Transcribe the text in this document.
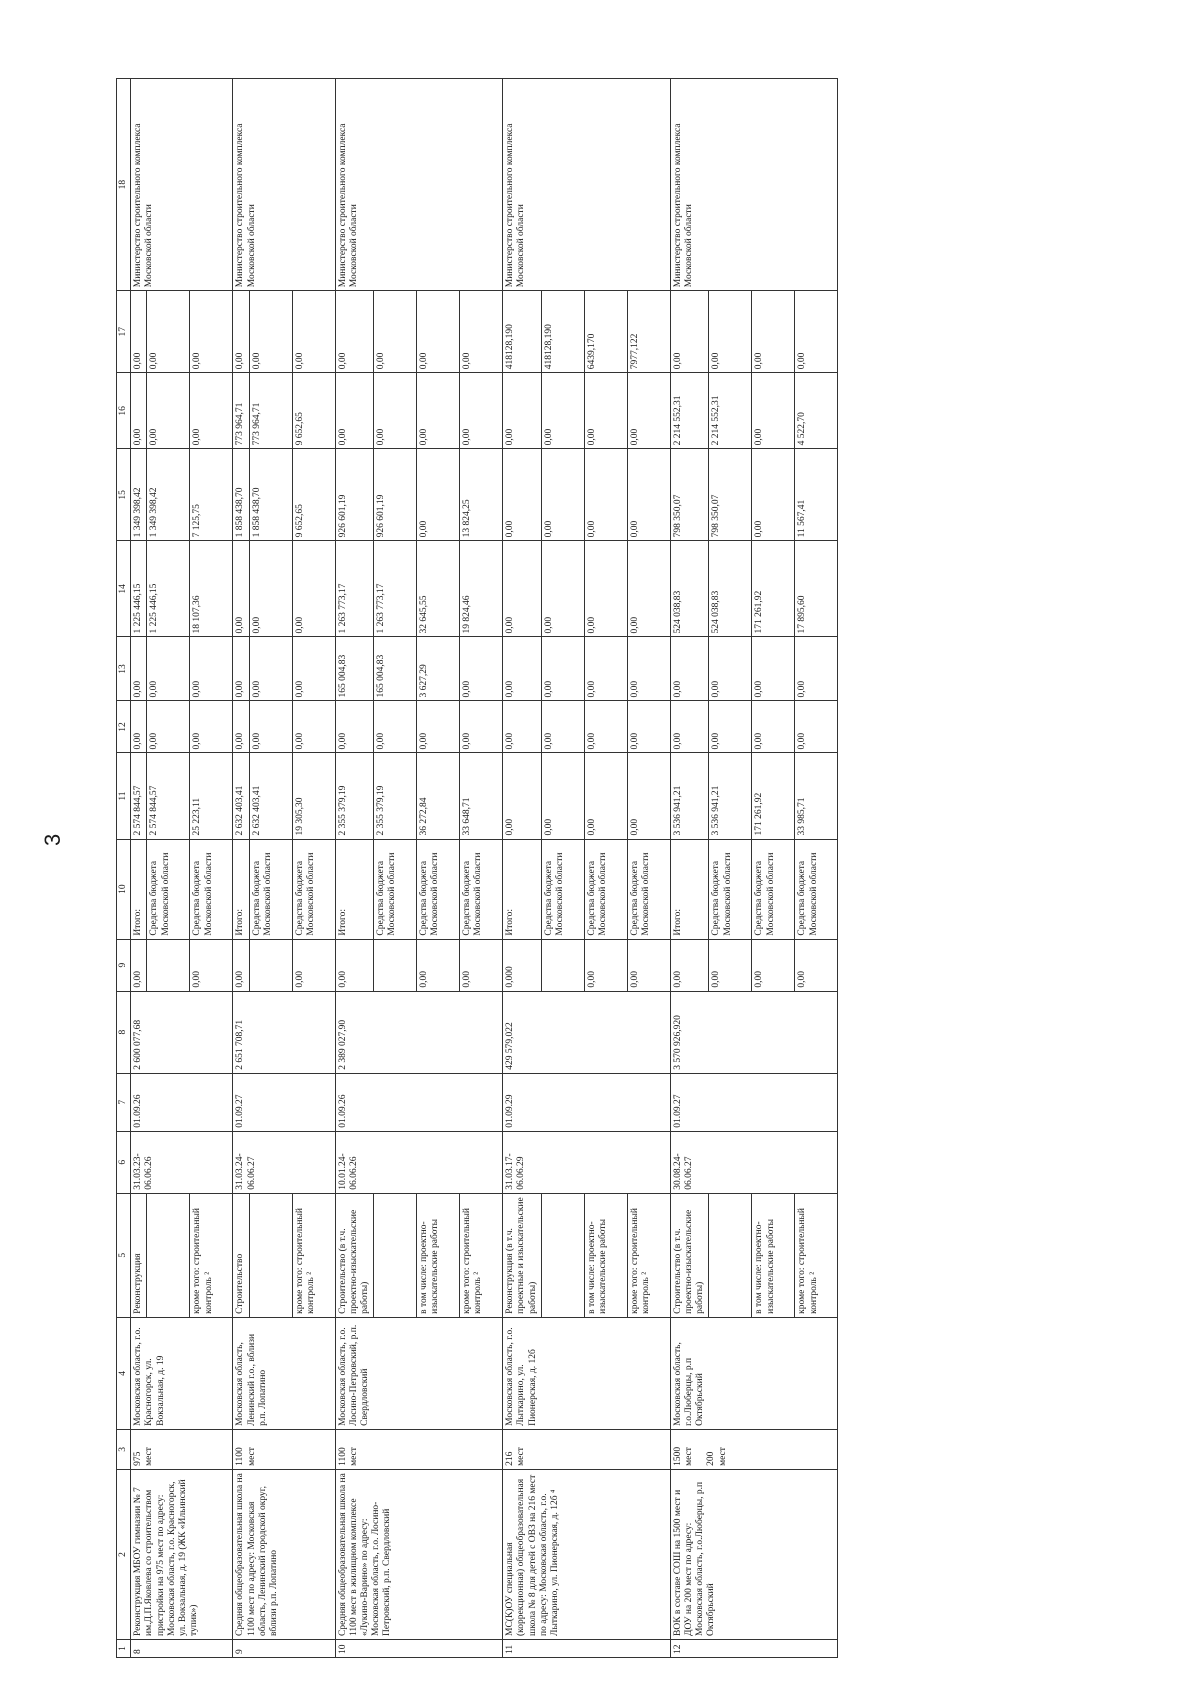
3
1	2	3	4	5	6	7	8	9	10	11	12	13	14	15	16	17	18
8	Реконструкция МБОУ гимназии № 7 им.Д.П.Яковлева со строительством пристройки на 975 мест по адресу: Московская область, г.о. Красногорск, ул. Вокзальная, д. 19 (ЖК «Ильинский тупик»)	975 мест	Московская область, г.о. Красногорск, ул. Вокзальная, д. 19	Реконструкция	31.03.23-06.06.26	01.09.26	2 600 077,68	0,00	Итого:	2 574 844,57	0,00	0,00	1 225 446,15	1 349 398,42	0,00	0,00	Министерство строительного комплекса Московской области
									Средства бюджета Московской области	2 574 844,57	0,00	0,00	1 225 446,15	1 349 398,42	0,00	0,00	
				кроме того: строительный контроль ²				0,00	Средства бюджета Московской области	25 223,11	0,00	0,00	18 107,36	7 125,75	0,00	0,00	
9	Средняя общеобразовательная школа на 1100 мест по адресу: Московская область, Ленинский городской округ, вблизи р.п. Лопатино	1100 мест	Московская область, Ленинский г.о., вблизи р.п. Лопатино	Строительство	31.03.24-06.06.27	01.09.27	2 651 708,71	0,00	Итого:	2 632 403,41	0,00	0,00	0,00	1 858 438,70	773 964,71	0,00	Министерство строительного комплекса Московской области
									Средства бюджета Московской области	2 632 403,41	0,00	0,00	0,00	1 858 438,70	773 964,71	0,00	
				кроме того: строительный контроль ²				0,00	Средства бюджета Московской области	19 305,30	0,00	0,00	0,00	9 652,65	9 652,65	0,00	
10	Средняя общеобразовательная школа на 1100 мест в жилищном комплексе «Лукино-Варино» по адресу: Московская область, г.о. Лосино-Петровский, р.п. Свердловский	1100 мест	Московская область, г.о. Лосино-Петровский, р.п. Свердловский	Строительство (в т.ч. проектно-изыскательские работы)	10.01.24-06.06.26	01.09.26	2 389 027,90	0,00	Итого:	2 355 379,19	0,00	165 004,83	1 263 773,17	926 601,19	0,00	0,00	Министерство строительного комплекса Московской области
									Средства бюджета Московской области	2 355 379,19	0,00	165 004,83	1 263 773,17	926 601,19	0,00	0,00	
				в том числе: проектно-изыскательские работы				0,00	Средства бюджета Московской области	36 272,84	0,00	3 627,29	32 645,55	0,00	0,00	0,00	
				кроме того: строительный контроль ²				0,00	Средства бюджета Московской области	33 648,71	0,00	0,00	19 824,46	13 824,25	0,00	0,00	
11	МС(К)ОУ специальная (коррекционная) общеобразовательная школа № 8 для детей с ОВЗ на 216 мест по адресу: Московская область, г.о. Лыткарино, ул. Пионерская, д. 12б ⁴	216 мест	Московская область, г.о. Лыткарино, ул. Пионерская, д. 12б	Реконструкция (в т.ч. проектные и изыскательские работы)	31.03.17-06.06.29	01.09.29	429 579,022	0,000	Итого:	0,00	0,00	0,00	0,00	0,00	0,00	418128,190	Министерство строительного комплекса Московской области
									Средства бюджета Московской области	0,00	0,00	0,00	0,00	0,00	0,00	418128,190	
				в том числе: проектно-изыскательские работы				0,00	Средства бюджета Московской области	0,00	0,00	0,00	0,00	0,00	0,00	6439,170	
				кроме того: строительный контроль ²				0,00	Средства бюджета Московской области	0,00	0,00	0,00	0,00	0,00	0,00	7977,122	
12	ВОК в составе СОШ на 1500 мест и ДОУ на 200 мест по адресу: Московская область, г.о.Люберцы, р.п Октябрьский	1500 мест 200 мест	Московская область, г.о.Люберцы, р.п Октябрьский	Строительство (в т.ч. проектно-изыскательские работы)	30.08.24-06.06.27	01.09.27	3 570 926,920	0,00	Итого:	3 536 941,21	0,00	0,00	524 038,83	798 350,07	2 214 552,31	0,00	Министерство строительного комплекса Московской области
								0,00	Средства бюджета Московской области	3 536 941,21	0,00	0,00	524 038,83	798 350,07	2 214 552,31	0,00	
				в том числе: проектно-изыскательские работы				0,00	Средства бюджета Московской области	171 261,92	0,00	0,00	171 261,92	0,00	0,00	0,00	
				кроме того: строительный контроль ²				0,00	Средства бюджета Московской области	33 985,71	0,00	0,00	17 895,60	11 567,41	4 522,70	0,00	
